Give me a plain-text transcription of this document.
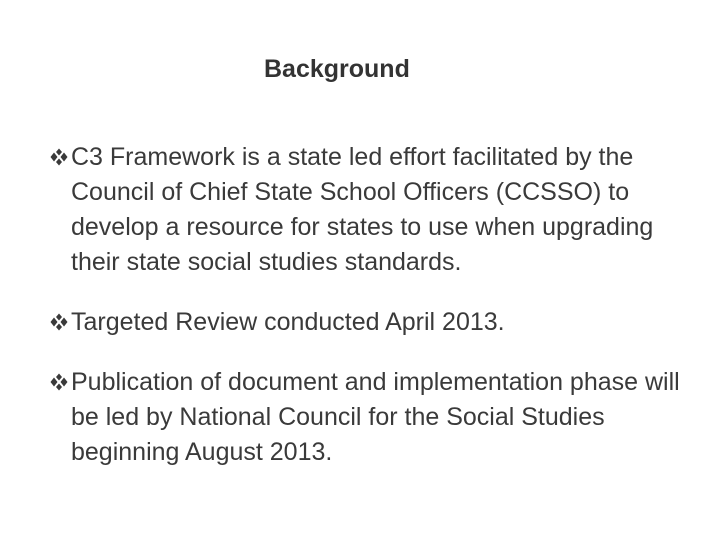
Background
C3 Framework is a state led effort facilitated by the Council of Chief State School Officers (CCSSO) to develop a resource for states to use when upgrading their state social studies standards.
Targeted Review conducted April 2013.
Publication of document and implementation phase will be led by National Council for the Social Studies beginning August 2013.
